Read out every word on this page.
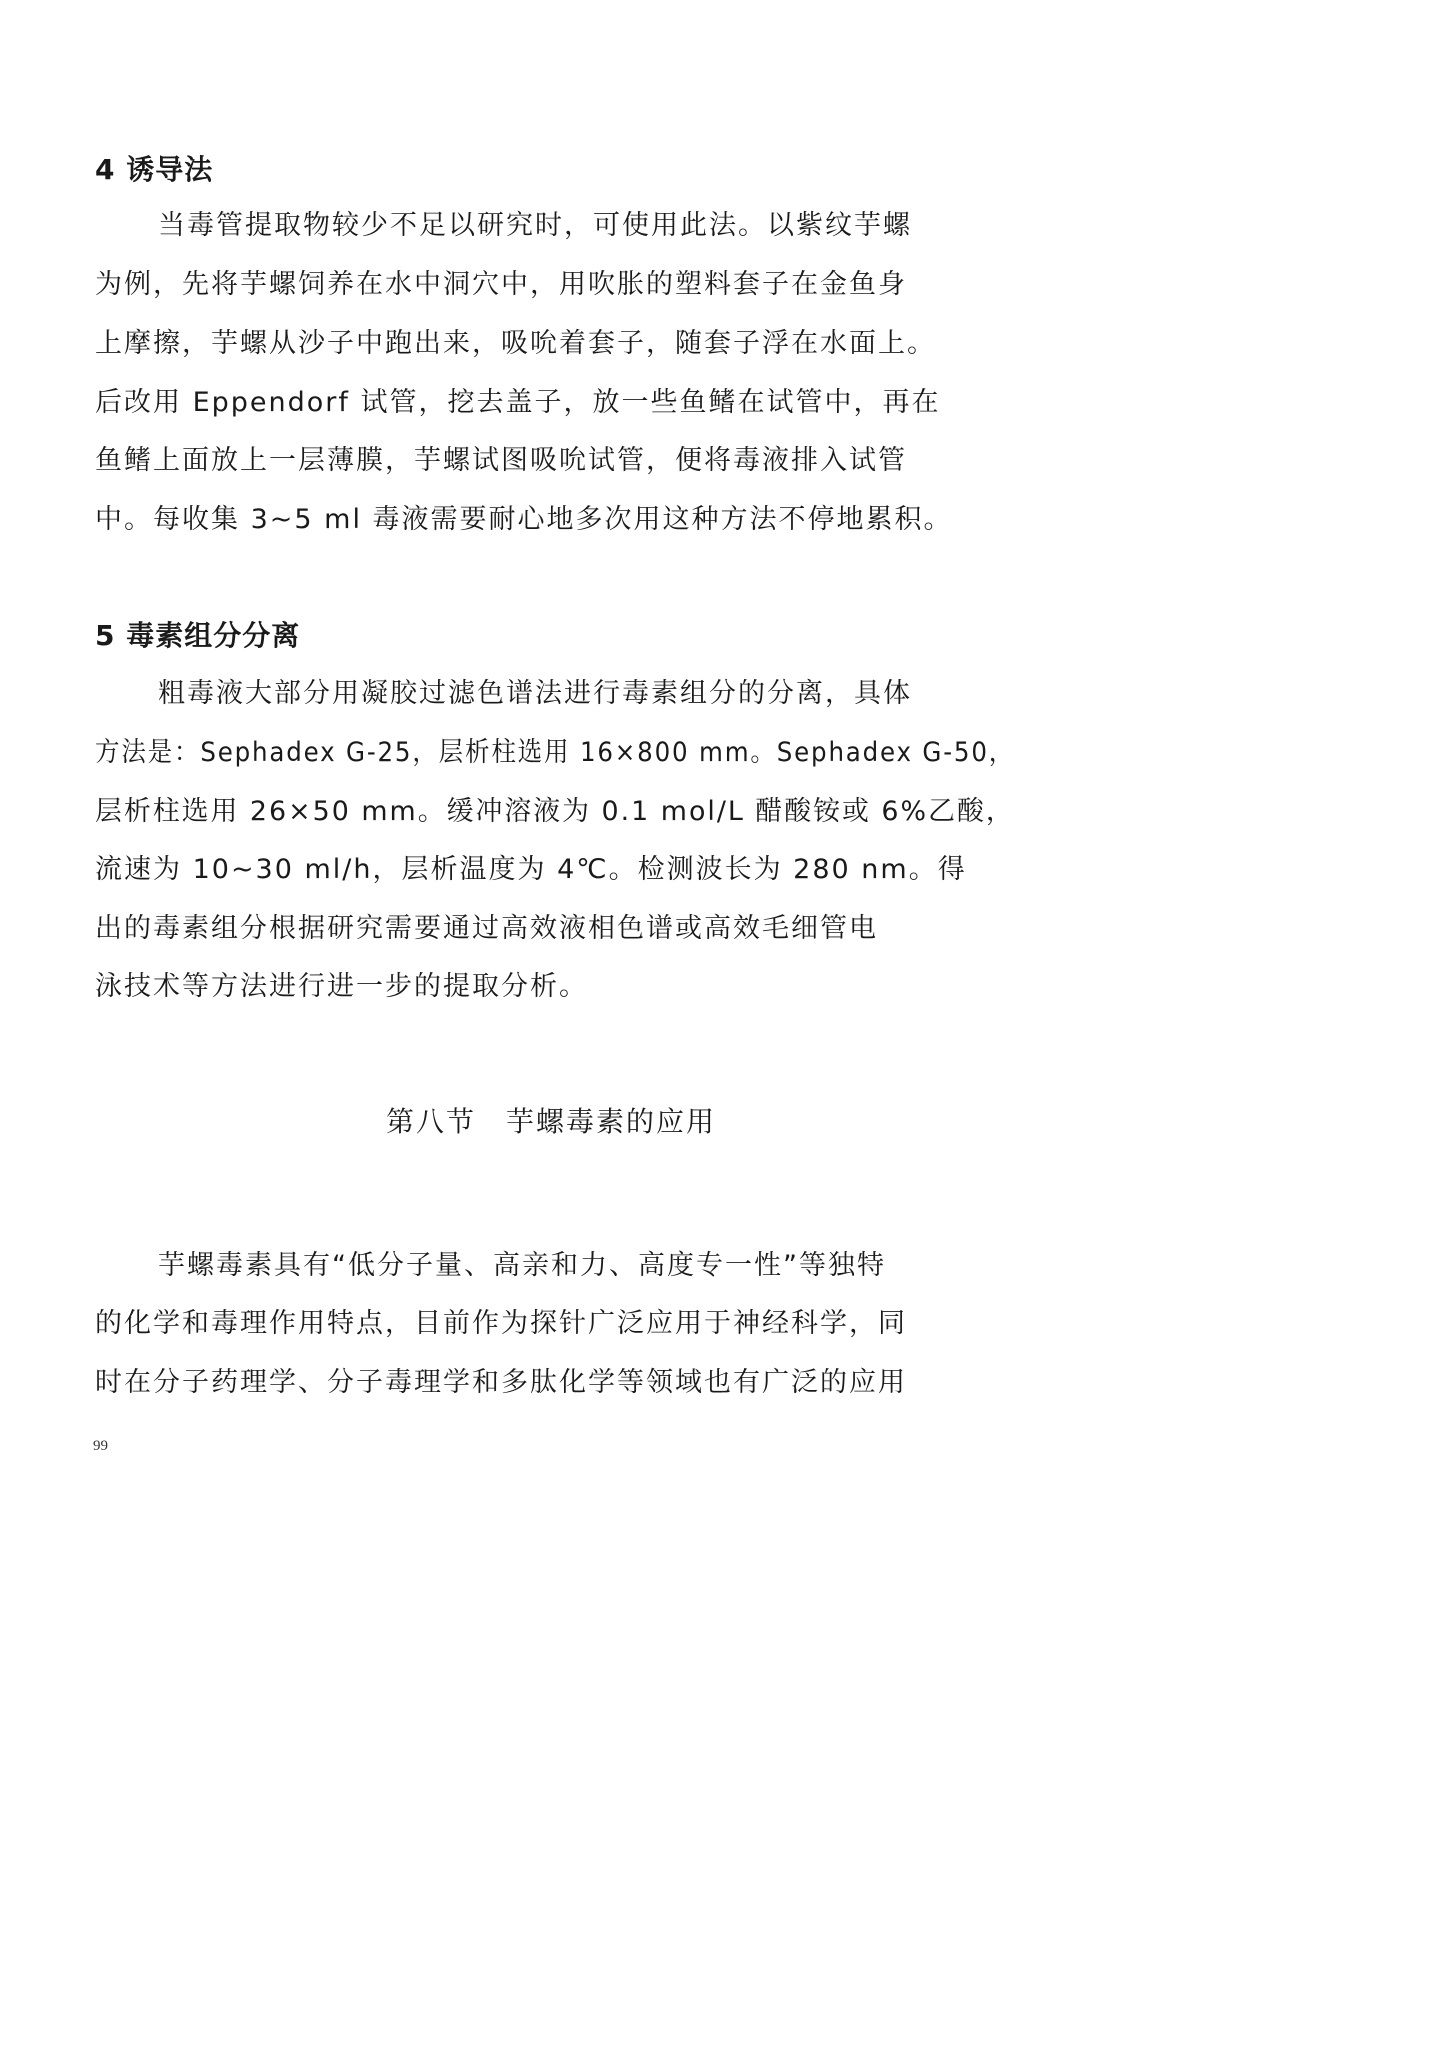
4 诱导法
当毒管提取物较少不足以研究时，可使用此法。以紫纹芋螺
为例，先将芋螺饲养在水中洞穴中，用吹胀的塑料套子在金鱼身
上摩擦，芋螺从沙子中跑出来，吸吮着套子，随套子浮在水面上。
后改用 Eppendorf 试管，挖去盖子，放一些鱼鳍在试管中，再在
鱼鳍上面放上一层薄膜，芋螺试图吸吮试管，便将毒液排入试管
中。每收集 3~5 ml 毒液需要耐心地多次用这种方法不停地累积。
5 毒素组分分离
粗毒液大部分用凝胶过滤色谱法进行毒素组分的分离，具体
方法是：Sephadex G-25，层析柱选用 16×800 mm。Sephadex G-50，
层析柱选用 26×50 mm。缓冲溶液为 0.1 mol/L 醋酸铵或 6%乙酸，
流速为 10~30 ml/h，层析温度为 4℃。检测波长为 280 nm。得
出的毒素组分根据研究需要通过高效液相色谱或高效毛细管电
泳技术等方法进行进一步的提取分析。
第八节　芋螺毒素的应用
芋螺毒素具有“低分子量、高亲和力、高度专一性”等独特
的化学和毒理作用特点，目前作为探针广泛应用于神经科学，同
时在分子药理学、分子毒理学和多肽化学等领域也有广泛的应用
99
